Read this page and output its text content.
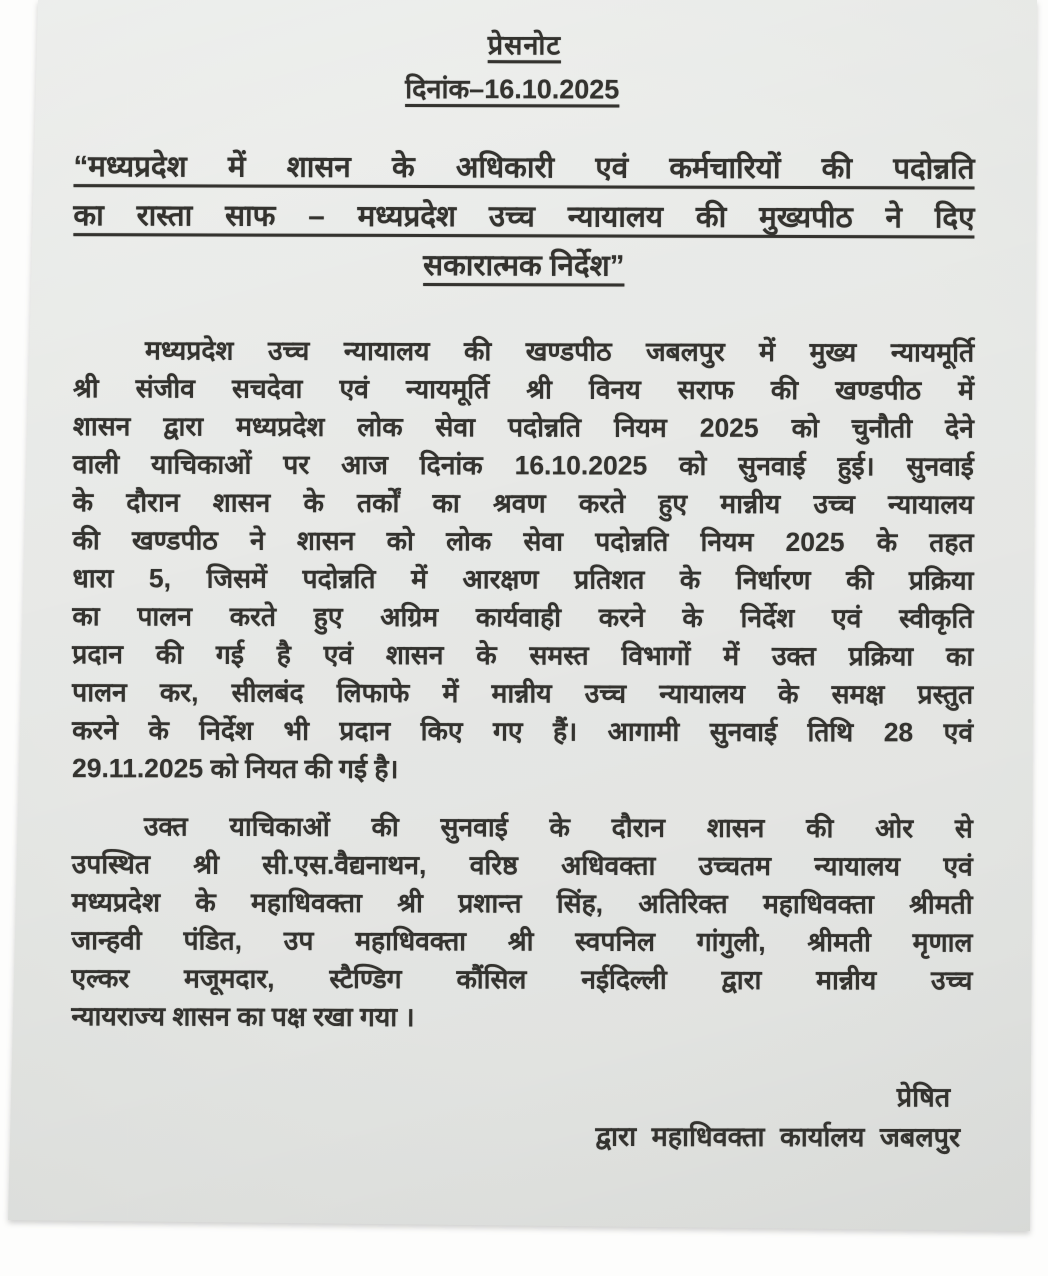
प्रेसनोट
दिनांक–16.10.2025
“मध्यप्रदेश में शासन के अधिकारी एवं कर्मचारियों की पदोन्नति
का रास्ता साफ – मध्यप्रदेश उच्च न्यायालय की मुख्यपीठ ने दिए
सकारात्मक निर्देश”
मध्यप्रदेश उच्च न्यायालय की खण्डपीठ जबलपुर में मुख्य न्यायमूर्ति
श्री संजीव सचदेवा एवं न्यायमूर्ति श्री विनय सराफ की खण्डपीठ में
शासन द्वारा मध्यप्रदेश लोक सेवा पदोन्नति नियम 2025 को चुनौती देने
वाली याचिकाओं पर आज दिनांक 16.10.2025 को सुनवाई हुई। सुनवाई
के दौरान शासन के तर्कों का श्रवण करते हुए मान्नीय उच्च न्यायालय
की खण्डपीठ ने शासन को लोक सेवा पदोन्नति नियम 2025 के तहत
धारा 5, जिसमें पदोन्नति में आरक्षण प्रतिशत के निर्धारण की प्रक्रिया
का पालन करते हुए अग्रिम कार्यवाही करने के निर्देश एवं स्वीकृति
प्रदान की गई है एवं शासन के समस्त विभागों में उक्त प्रक्रिया का
पालन कर, सीलबंद लिफाफे में मान्नीय उच्च न्यायालय के समक्ष प्रस्तुत
करने के निर्देश भी प्रदान किए गए हैं। आगामी सुनवाई तिथि 28 एवं
29.11.2025 को नियत की गई है।
उक्त याचिकाओं की सुनवाई के दौरान शासन की ओर से
उपस्थित श्री सी.एस.वैद्यनाथन, वरिष्ठ अधिवक्ता उच्चतम न्यायालय एवं
मध्यप्रदेश के महाधिवक्ता श्री प्रशान्त सिंह, अतिरिक्त महाधिवक्ता श्रीमती
जान्हवी पंडित, उप महाधिवक्ता श्री स्वपनिल गांगुली, श्रीमती मृणाल
एल्कर मजूमदार, स्टैण्डिग कौंसिल नईदिल्ली द्वारा मान्नीय उच्च
न्यायराज्य शासन का पक्ष रखा गया ।
प्रेषित
द्वारा महाधिवक्ता कार्यालय जबलपुर
